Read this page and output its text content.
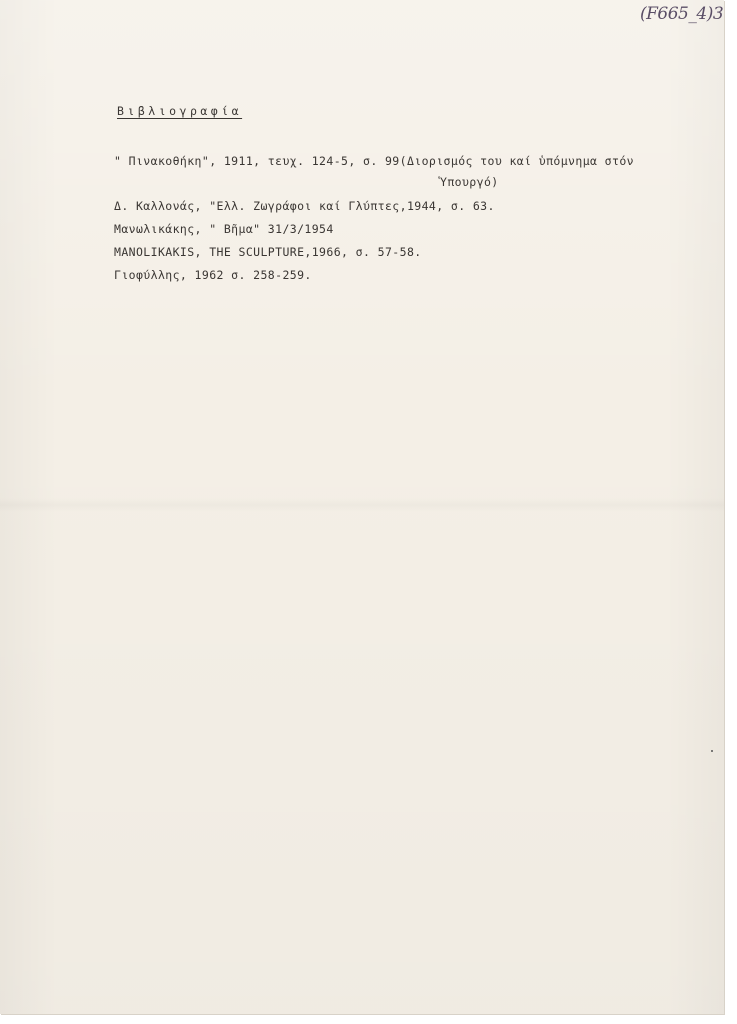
(F665_4)3
Βιβλιογραφία
" Πινακοθήκη", 1911, τευχ. 124-5, σ. 99(Διορισμός του καί ὑπόμνημα στόν
Ὑπουργό)
Δ. Καλλονάς, "Ελλ. Ζωγράφοι καί Γλύπτες,1944, σ. 63.
Μανωλικάκης, " Βῆμα" 31/3/1954
MANOLIKAKIS, THE SCULPTURE,1966, σ. 57-58.
Γιοφύλλης, 1962 σ. 258-259.
